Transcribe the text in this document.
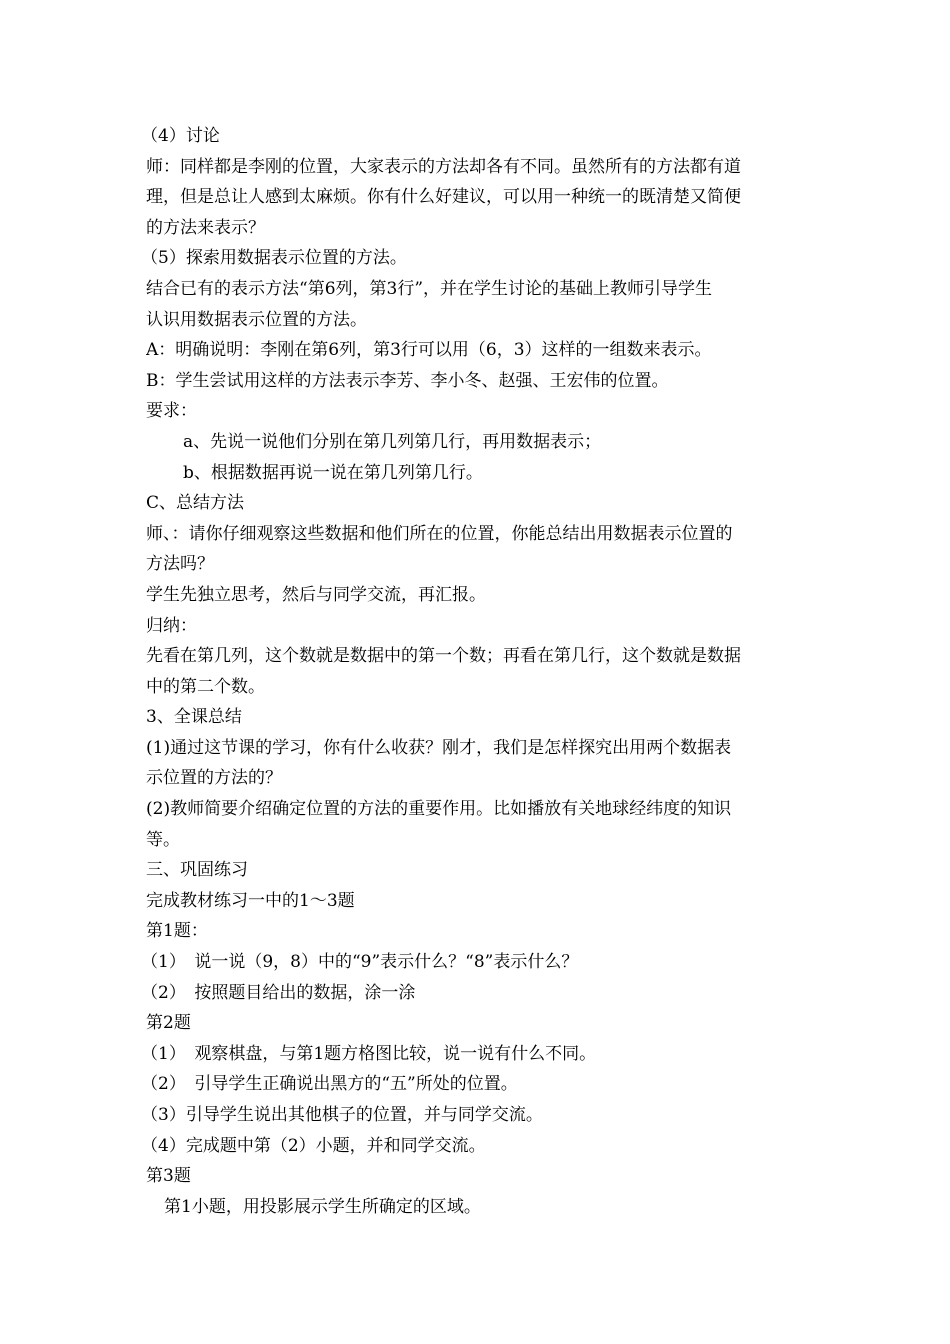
（4）讨论
师：同样都是李刚的位置，大家表示的方法却各有不同。虽然所有的方法都有道
理，但是总让人感到太麻烦。你有什么好建议，可以用一种统一的既清楚又简便
的方法来表示？
（5）探索用数据表示位置的方法。
结合已有的表示方法“第6列，第3行”，并在学生讨论的基础上教师引导学生
认识用数据表示位置的方法。
A：明确说明：李刚在第6列，第3行可以用（6，3）这样的一组数来表示。
B：学生尝试用这样的方法表示李芳、李小冬、赵强、王宏伟的位置。
要求：
a、先说一说他们分别在第几列第几行，再用数据表示；
b、根据数据再说一说在第几列第几行。
C、总结方法
师、：请你仔细观察这些数据和他们所在的位置，你能总结出用数据表示位置的
方法吗？
学生先独立思考，然后与同学交流，再汇报。
归纳：
先看在第几列，这个数就是数据中的第一个数；再看在第几行，这个数就是数据
中的第二个数。
3、全课总结
(1)通过这节课的学习，你有什么收获？刚才，我们是怎样探究出用两个数据表
示位置的方法的？
(2)教师简要介绍确定位置的方法的重要作用。比如播放有关地球经纬度的知识
等。
三、巩固练习
完成教材练习一中的1～3题
第1题：
（1）　说一说（9，8）中的“9”表示什么？“8”表示什么？
（2）　按照题目给出的数据，涂一涂
第2题
（1）　观察棋盘，与第1题方格图比较，说一说有什么不同。
（2）　引导学生正确说出黑方的“五”所处的位置。
（3）引导学生说出其他棋子的位置，并与同学交流。
（4）完成题中第（2）小题，并和同学交流。
第3题
第1小题，用投影展示学生所确定的区域。
